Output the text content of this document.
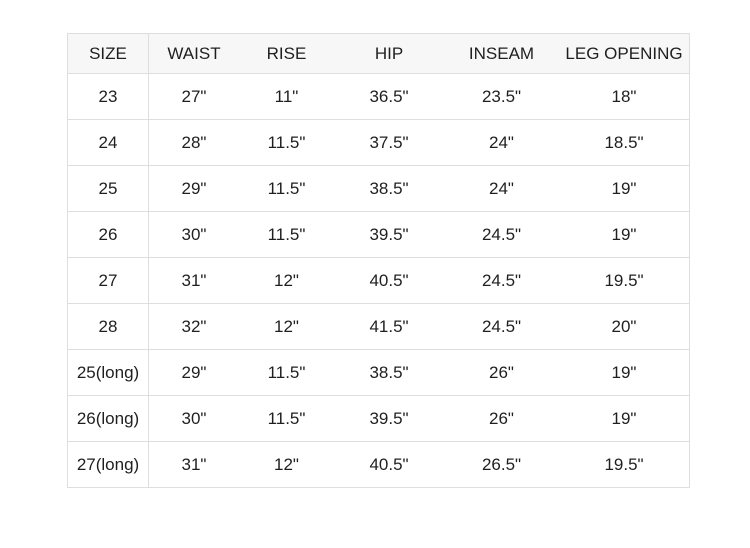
SIZE	WAIST	RISE	HIP	INSEAM	LEG OPENING
23	27"	11"	36.5"	23.5"	18"
24	28"	11.5"	37.5"	24"	18.5"
25	29"	11.5"	38.5"	24"	19"
26	30"	11.5"	39.5"	24.5"	19"
27	31"	12"	40.5"	24.5"	19.5"
28	32"	12"	41.5"	24.5"	20"
25(long)	29"	11.5"	38.5"	26"	19"
26(long)	30"	11.5"	39.5"	26"	19"
27(long)	31"	12"	40.5"	26.5"	19.5"
